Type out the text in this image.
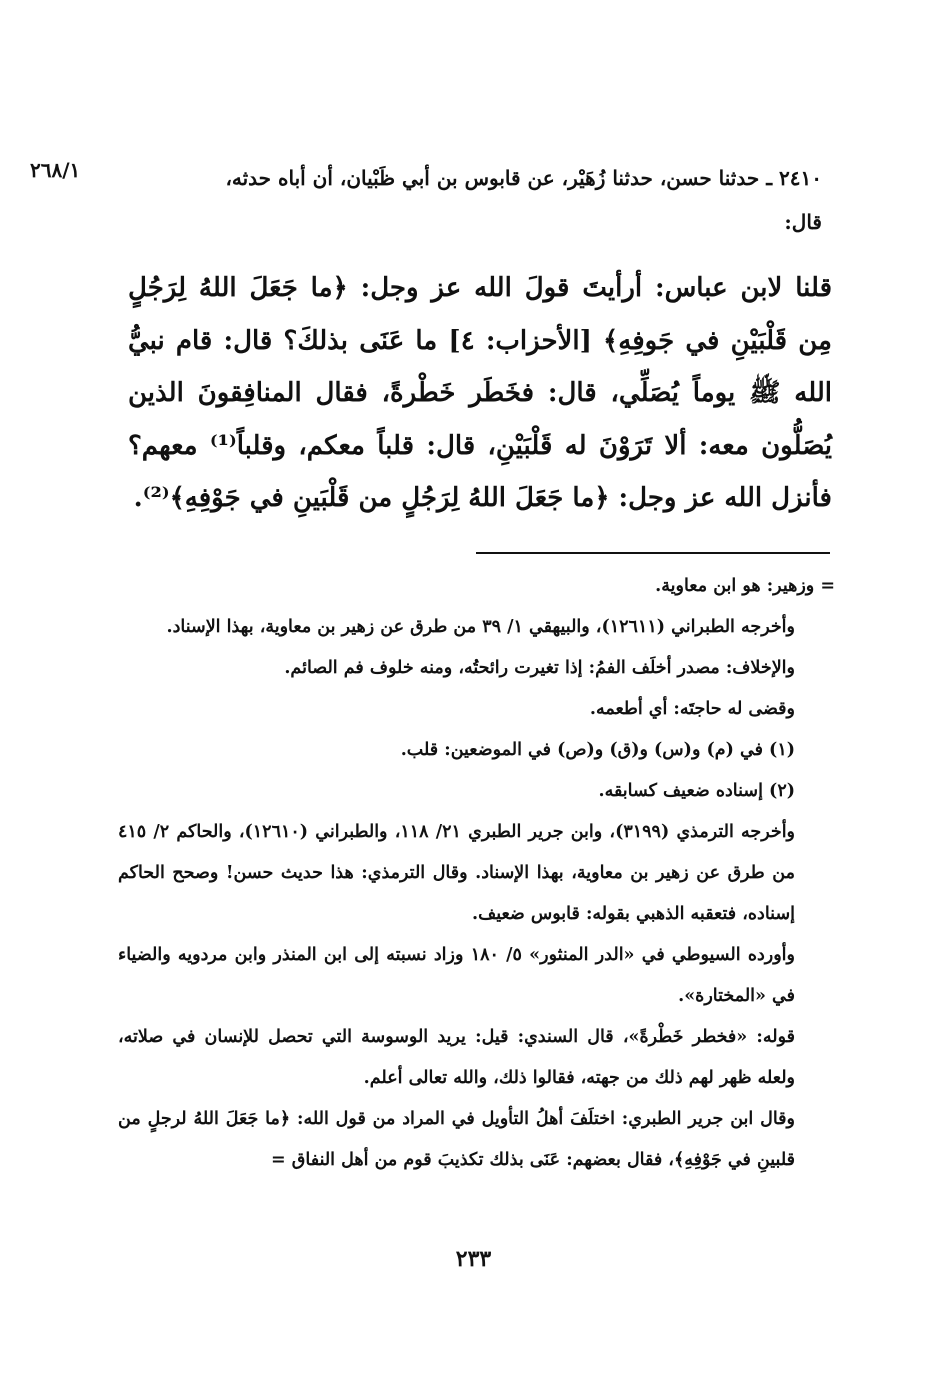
٢٦٨/١	٢٤١٠ ـ حدثنا حسن، حدثنا زُهَيْر، عن قابوس بن أبي ظَبْيان، أن أباه حدثه،
قال:

قلنا لابن عباس: أرأيتَ قولَ الله عز وجل: ﴿ما جَعَلَ اللهُ لِرَجُلٍ مِن قَلْبَيْنِ في جَوفِهِ﴾ [الأحزاب: ٤] ما عَنَى بذلكَ؟ قال: قام نبيُّ الله ﷺ يوماً يُصَلِّي، قال: فخَطَر خَطْرةً، فقال المنافِقونَ الذين يُصَلُّون معه: ألا تَرَوْنَ له قَلْبَيْنِ، قال: قلباً معكم، وقلباً⁽¹⁾ معهم؟ فأنزل الله عز وجل: ﴿ما جَعَلَ اللهُ لِرَجُلٍ من قَلْبَينِ في جَوْفِهِ﴾⁽²⁾.

= وزهير: هو ابن معاوية.

وأخرجه الطبراني (١٢٦١١)، والبيهقي ١/ ٣٩ من طرق عن زهير بن معاوية، بهذا الإسناد.

والإخلاف: مصدر أخلَف الفمُ: إذا تغيرت رائحتُه، ومنه خلوف فم الصائم.

وقضى له حاجتَه: أي أطعمه.

(١) في (م) و(س) و(ق) و(ص) في الموضعين: قلب.

(٢) إسناده ضعيف كسابقه.

وأخرجه الترمذي (٣١٩٩)، وابن جرير الطبري ٢١/ ١١٨، والطبراني (١٢٦١٠)، والحاكم ٢/ ٤١٥ من طرق عن زهير بن معاوية، بهذا الإسناد. وقال الترمذي: هذا حديث حسن! وصحح الحاكم إسناده، فتعقبه الذهبي بقوله: قابوس ضعيف.

وأورده السيوطي في «الدر المنثور» ٥/ ١٨٠ وزاد نسبته إلى ابن المنذر وابن مردويه والضياء في «المختارة».

قوله: «فخطر خَطْرةً»، قال السندي: قيل: يريد الوسوسة التي تحصل للإنسان في صلاته، ولعله ظهر لهم ذلك من جهته، فقالوا ذلك، والله تعالى أعلم.

وقال ابن جرير الطبري: اختلَفَ أهلُ التأويل في المراد من قول الله: ﴿ما جَعَلَ اللهُ لرجلٍ من قلبينِ في جَوْفِهِ﴾، فقال بعضهم: عَنَى بذلك تكذيبَ قوم من أهل النفاق =

٢٣٣
